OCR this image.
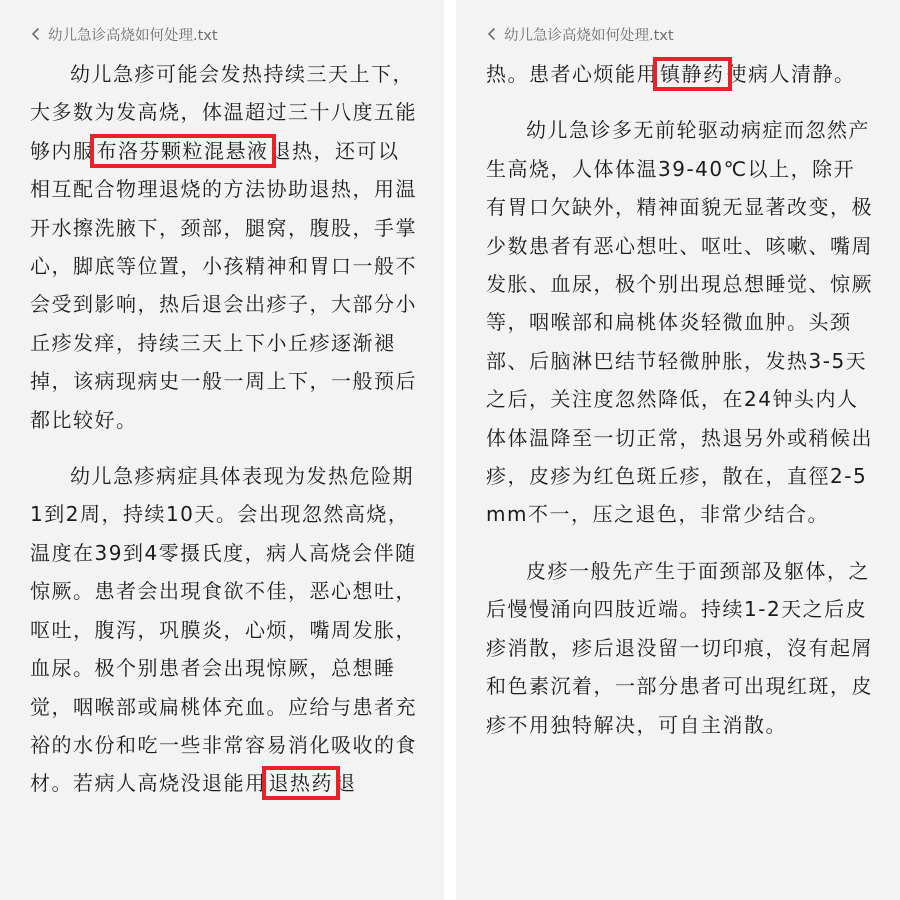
幼儿急诊高烧如何处理.txt

幼儿急疹可能会发热持续三天上下，大多数为发高烧，体温超过三十八度五能够内服 布洛芬颗粒混悬液 退热，还可以相互配合物理退烧的方法协助退热，用温开水擦洗腋下，颈部，腿窝，腹股，手掌心，脚底等位置，小孩精神和胃口一般不会受到影响，热后退会出疹子，大部分小丘疹发痒，持续三天上下小丘疹逐渐褪掉，该病现病史一般一周上下，一般预后都比较好。

幼儿急疹病症具体表现为发热危险期1到2周，持续10天。会出现忽然高烧，温度在39到4零摄氏度，病人高烧会伴随惊厥。患者会出現食欲不佳，恶心想吐，呕吐，腹泻，巩膜炎，心烦，嘴周发胀，血尿。极个别患者会出現惊厥，总想睡觉，咽喉部或扁桃体充血。应给与患者充裕的水份和吃一些非常容易消化吸收的食材。若病人高烧没退能用 退热药 退

幼儿急诊高烧如何处理.txt

热。患者心烦能用 镇静药 使病人清静。

幼儿急诊多无前轮驱动病症而忽然产生高烧，人体体温39-40℃以上，除开有胃口欠缺外，精神面貌无显著改变，极少数患者有恶心想吐、呕吐、咳嗽、嘴周发胀、血尿，极个别出現总想睡觉、惊厥等，咽喉部和扁桃体炎轻微血肿。头颈部、后脑淋巴结节轻微肿胀，发热3-5天之后，关注度忽然降低，在24钟头内人体体温降至一切正常，热退另外或稍候出疹，皮疹为红色斑丘疹，散在，直徑2-5mm不一，压之退色，非常少结合。

皮疹一般先产生于面颈部及躯体，之后慢慢涌向四肢近端。持续1-2天之后皮疹消散，疹后退没留一切印痕，沒有起屑和色素沉着，一部分患者可出現红斑，皮疹不用独特解决，可自主消散。
